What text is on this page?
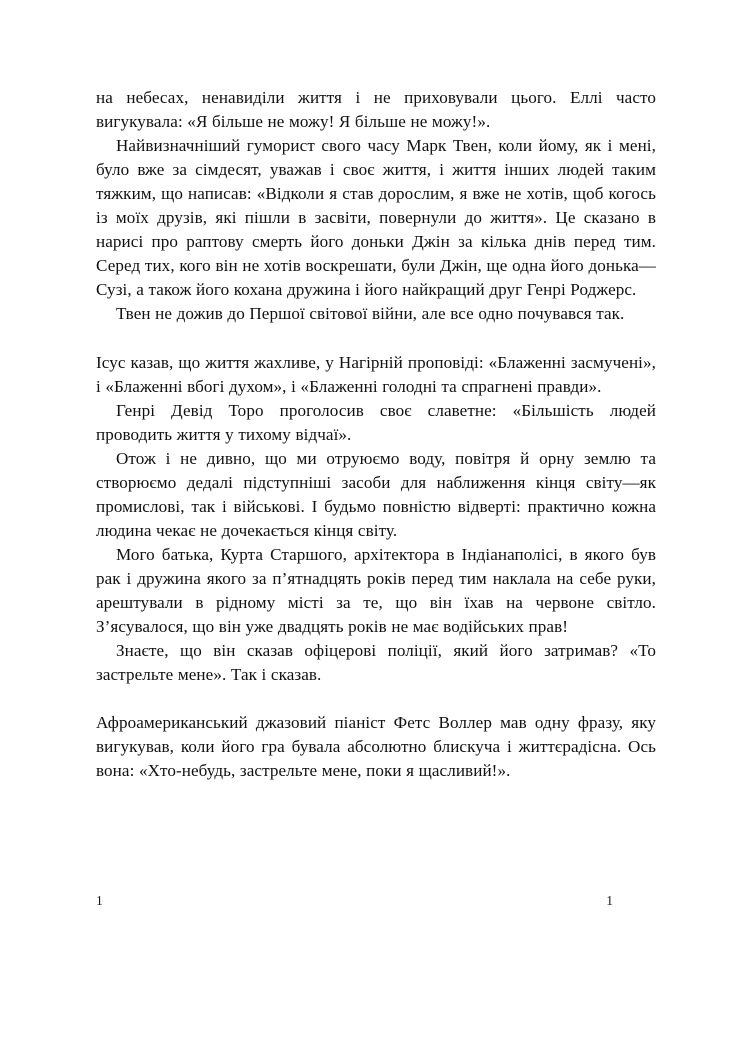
на небесах, ненавиділи життя і не приховували цього. Еллі часто вигукувала: «Я більше не можу! Я більше не можу!».

Найвизначніший гуморист свого часу Марк Твен, коли йому, як і мені, було вже за сімдесят, уважав і своє життя, і життя інших людей таким тяжким, що написав: «Відколи я став дорослим, я вже не хотів, щоб когось із моїх друзів, які пішли в засвіти, повернули до життя». Це сказано в нарисі про раптову смерть його доньки Джін за кілька днів перед тим. Серед тих, кого він не хотів воскрешати, були Джін, ще одна його донька—Сузі, а також його кохана дружина і його найкращий друг Генрі Роджерс.

Твен не дожив до Першої світової війни, але все одно почувався так.

Ісус казав, що життя жахливе, у Нагірній проповіді: «Блаженні засмучені», і «Блаженні вбогі духом», і «Блаженні голодні та спрагнені правди».

Генрі Девід Торо проголосив своє славетне: «Більшість людей проводить життя у тихому відчаї».

Отож і не дивно, що ми отруюємо воду, повітря й орну землю та створюємо дедалі підступніші засоби для наближення кінця світу—як промислові, так і військові. І будьмо повністю відверті: практично кожна людина чекає не дочекається кінця світу.

Мого батька, Курта Старшого, архітектора в Індіанаполісі, в якого був рак і дружина якого за п’ятнадцять років перед тим наклала на себе руки, арештували в рідному місті за те, що він їхав на червоне світло. З’ясувалося, що він уже двадцять років не має водійських прав!

Знаєте, що він сказав офіцерові поліції, який його затримав? «То застрельте мене». Так і сказав.

Афроамериканський джазовий піаніст Фетс Воллер мав одну фразу, яку вигукував, коли його гра бувала абсолютно блискуча і життєрадісна. Ось вона: «Хто-небудь, застрельте мене, поки я щасливий!».

1	1
